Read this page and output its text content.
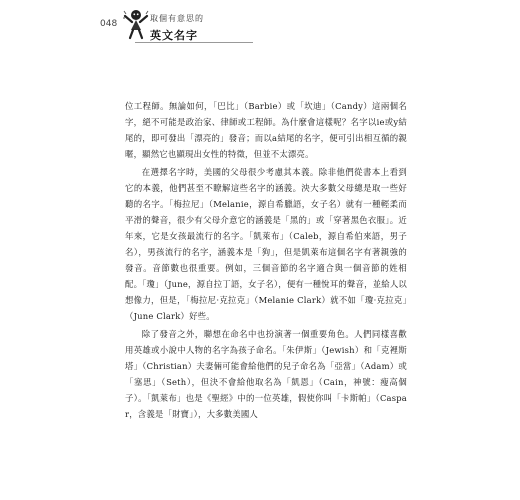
048
取個有意思的
英文名字

位工程師。無論如何，「巴比」（Barbie）或「坎迪」（Candy）這兩個名字，絕不可能是政治家、律師或工程師。為什麼會這樣呢？名字以ie或y結尾的，即可發出「漂亮的」發音；而以a結尾的名字，便可引出相互循的親暱，顯然它也顯現出女性的特徵，但並不太漂亮。

在選擇名字時，美國的父母很少考慮其本義。除非他們從書本上看到它的本義，他們甚至不瞭解這些名字的涵義。泱大多數父母總是取一些好聽的名字。「梅拉尼」（Melanie，源自希臘語，女子名）就有一種輕柔而平滑的聲音，很少有父母介意它的涵義是「黑的」或「穿著黑色衣服」。近年來，它是女孩最流行的名字。「凱萊布」（Caleb，源自希伯來語，男子名），男孩流行的名字，涵義本是「狗」，但是凱萊布這個名字有著親強的發音。音節數也很重要。例如，三個音節的名字適合與一個音節的姓相配。「瓊」（June，源自拉丁語，女子名），便有一種悅耳的聲音，並給人以想像力，但是，「梅拉尼·克拉克」（Melanie Clark）就不如「瓊·克拉克」（June Clark）好些。

除了發音之外，聯想在命名中也扮演著一個重要角色。人們同樣喜歡用英雄或小說中人物的名字為孩子命名。「朱伊斯」（Jewish）和「克裡斯塔」（Christian）夫妻倆可能會給他們的兒子命名為「亞當」（Adam）或「塞思」（Seth），但決不會給他取名為「凱恩」（Cain，神號：瘦高個子）。「凱萊布」也是《聖經》中的一位英雄，假使你叫「卡斯帕」（Caspar，含義是「財寶」），大多數美國人
